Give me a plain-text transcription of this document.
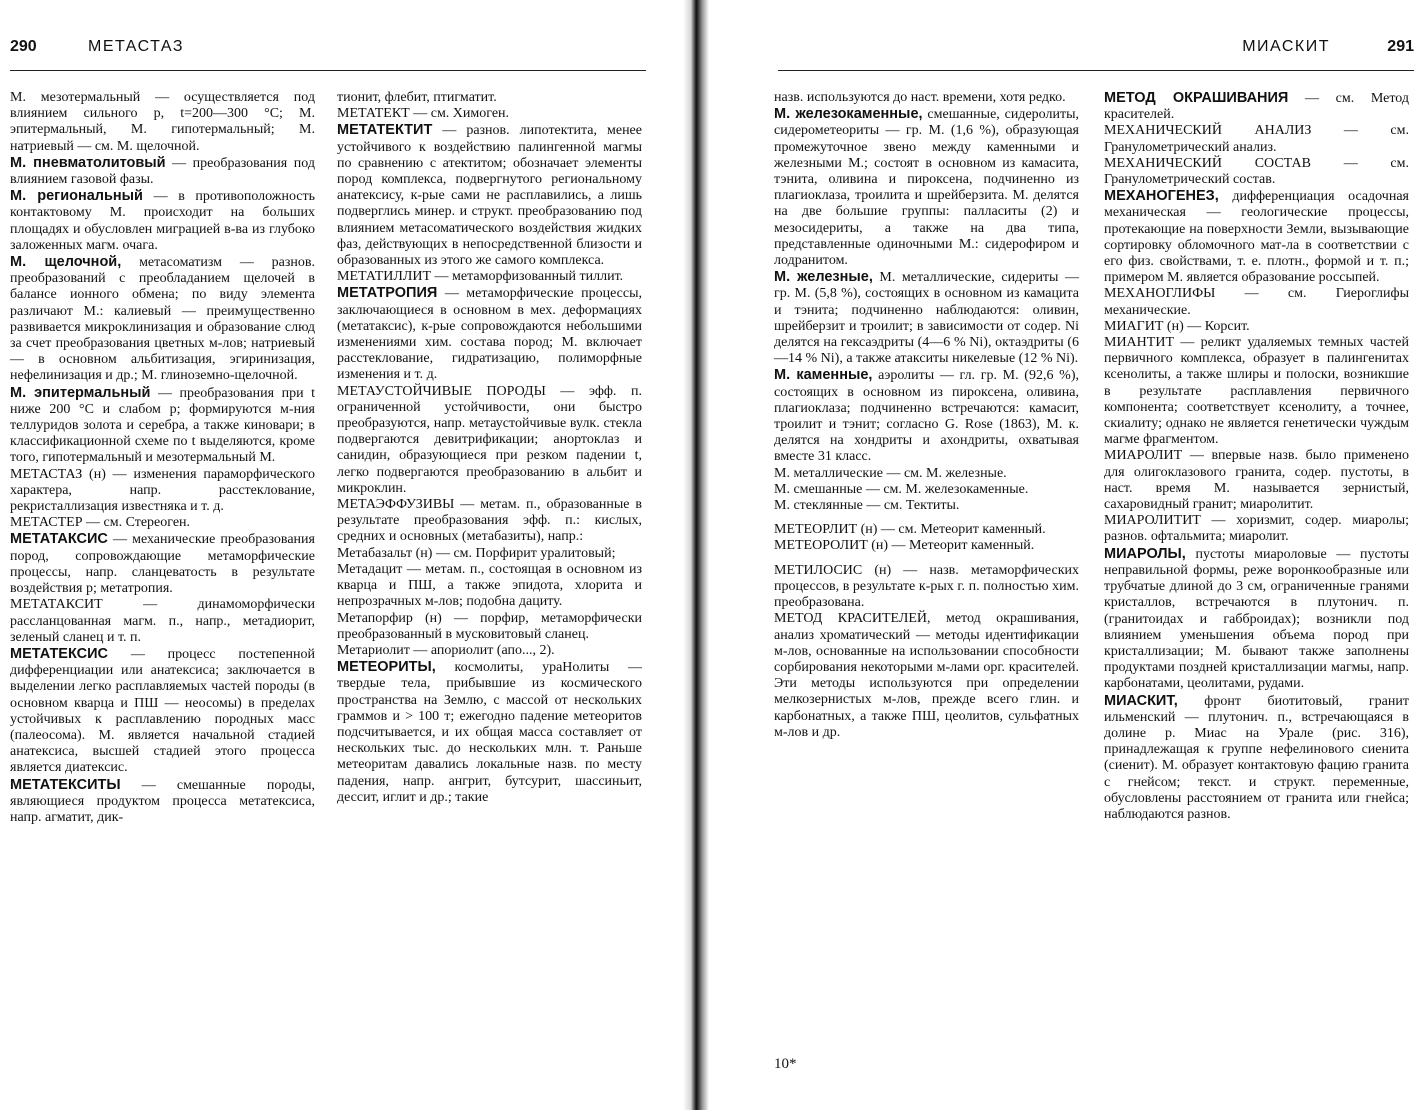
290	МЕТАСТАЗ

М. мезотермальный — осуществляется под влиянием сильного p, t=200—300 °С; М. эпитермальный, М. гипотермальный; М. натриевый — см. М. щелочной.

М. пневматолитовый — преобразования под влиянием газовой фазы.

М. региональный — в противоположность контактовому М. происходит на больших площадях и обусловлен миграцией в-ва из глубоко заложенных магм. очага.

М. щелочной, метасоматизм — разнов. преобразований с преобладанием щелочей в балансе ионного обмена; по виду элемента различают М.: калиевый — преимущественно развивается микроклинизация и образование слюд за счет преобразования цветных м-лов; натриевый — в основном альбитизация, эгиринизация, нефелинизация и др.; М. глиноземно-щелочной.

М. эпитермальный — преобразования при t ниже 200 °С и слабом p; формируются м-ния теллуридов золота и серебра, а также киновари; в классификационной схеме по t выделяются, кроме того, гипотермальный и мезотермальный М.

МЕТАСТАЗ (н) — изменения параморфического характера, напр. расстеклование, рекристаллизация известняка и т. д.

МЕТАСТЕР — см. Стереоген.

МЕТАТАКСИС — механические преобразования пород, сопровождающие метаморфические процессы, напр. сланцеватость в результате воздействия p; метатропия.

МЕТАТАКСИТ — динамоморфически рассланцованная магм. п., напр., метадиорит, зеленый сланец и т. п.

МЕТАТЕКСИС — процесс постепенной дифференциации или анатексиса; заключается в выделении легко расплавляемых частей породы (в основном кварца и ПШ — неосомы) в пределах устойчивых к расплавлению породных масс (палеосома). М. является начальной стадией анатексиса, высшей стадией этого процесса является диатексис.

МЕТАТЕКСИТЫ — смешанные породы, являющиеся продуктом процесса метатексиса, напр. агматит, дик-

тионит, флебит, птигматит.

МЕТАТЕКТ — см. Химоген.

МЕТАТЕКТИТ — разнов. липотектита, менее устойчивого к воздействию палингенной магмы по сравнению с атектитом; обозначает элементы пород комплекса, подвергнутого региональному анатексису, к-рые сами не расплавились, а лишь подверглись минер. и структ. преобразованию под влиянием метасоматического воздействия жидких фаз, действующих в непосредственной близости и образованных из этого же самого комплекса.

МЕТАТИЛЛИТ — метаморфизованный тиллит.

МЕТАТРОПИЯ — метаморфические процессы, заключающиеся в основном в мех. деформациях (метатаксис), к-рые сопровождаются небольшими изменениями хим. состава пород; М. включает расстеклование, гидратизацию, полиморфные изменения и т. д.

МЕТАУСТОЙЧИВЫЕ ПОРОДЫ — эфф. п. ограниченной устойчивости, они быстро преобразуются, напр. метаустойчивые вулк. стекла подвергаются девитрификации; анортоклаз и санидин, образующиеся при резком падении t, легко подвергаются преобразованию в альбит и микроклин.

МЕТАЭФФУЗИВЫ — метам. п., образованные в результате преобразования эфф. п.: кислых, средних и основных (метабазиты), напр.:

Метабазальт (н) — см. Порфирит уралитовый;

Метадацит — метам. п., состоящая в основном из кварца и ПШ, а также эпидота, хлорита и непрозрачных м-лов; подобна дациту.

Метапорфир (н) — порфир, метаморфически преобразованный в мусковитовый сланец.

Метариолит — апориолит (апо..., 2).

МЕТЕОРИТЫ, космолиты, ураНолиты — твердые тела, прибывшие из космического пространства на Землю, с массой от нескольких граммов и > 100 т; ежегодно падение метеоритов подсчитывается, и их общая масса составляет от нескольких тыс. до нескольких млн. т. Раньше метеоритам давались локальные назв. по месту падения, напр. ангрит, бутсурит, шассиньит, дессит, иглит и др.; такие

МИАСКИТ	291

назв. используются до наст. времени, хотя редко.

М. железокаменные, смешанные, сидеролиты, сидерометеориты — гр. М. (1,6 %), образующая промежуточное звено между каменными и железными М.; состоят в основном из камасита, тэнита, оливина и пироксена, подчиненно из плагиоклаза, троилита и шрейберзита. М. делятся на две большие группы: палласиты (2) и мезосидериты, а также на два типа, представленные одиночными М.: сидерофиром и лодранитом.

М. железные, М. металлические, сидериты — гр. М. (5,8 %), состоящих в основном из камацита и тэнита; подчиненно наблюдаются: оливин, шрейберзит и троилит; в зависимости от содер. Ni делятся на гексаэдриты (4—6 % Ni), октаэдриты (6—14 % Ni), а также атакситы никелевые (12 % Ni).

М. каменные, аэролиты — гл. гр. М. (92,6 %), состоящих в основном из пироксена, оливина, плагиоклаза; подчиненно встречаются: камасит, троилит и тэнит; согласно G. Rose (1863), М. к. делятся на хондриты и ахондриты, охватывая вместе 31 класс.

М. металлические — см. М. железные.

М. смешанные — см. М. железокаменные.

М. стеклянные — см. Тектиты.

МЕТЕОРЛИТ (н) — см. Метеорит каменный.

МЕТЕОРОЛИТ (н) — Метеорит каменный.

МЕТИЛОСИС (н) — назв. метаморфических процессов, в результате к-рых г. п. полностью хим. преобразована.

МЕТОД КРАСИТЕЛЕЙ, метод окрашивания, анализ хроматический — методы идентификации м-лов, основанные на использовании способности сорбирования некоторыми м-лами орг. красителей. Эти методы используются при определении мелкозернистых м-лов, прежде всего глин. и карбонатных, а также ПШ, цеолитов, сульфатных м-лов и др.

МЕТОД ОКРАШИВАНИЯ — см. Метод красителей.

МЕХАНИЧЕСКИЙ АНАЛИЗ — см. Гранулометрический анализ.

МЕХАНИЧЕСКИЙ СОСТАВ — см. Гранулометрический состав.

МЕХАНОГЕНЕЗ, дифференциация осадочная механическая — геологические процессы, протекающие на поверхности Земли, вызывающие сортировку обломочного мат-ла в соответствии с его физ. свойствами, т. е. плотн., формой и т. п.; примером М. является образование россыпей.

МЕХАНОГЛИФЫ — см. Гиероглифы механические.

МИАГИТ (н) — Корсит.

МИАНТИТ — реликт удаляемых темных частей первичного комплекса, образует в палингенитах ксенолиты, а также шлиры и полоски, возникшие в результате расплавления первичного компонента; соответствует ксенолиту, а точнее, скиалиту; однако не является генетически чуждым магме фрагментом.

МИАРОЛИТ — впервые назв. было применено для олигоклазового гранита, содер. пустоты, в наст. время М. называется зернистый, сахаровидный гранит; миаролитит.

МИАРОЛИТИТ — хоризмит, содер. миаролы; разнов. офтальмита; миаролит.

МИАРОЛЫ, пустоты миароловые — пустоты неправильной формы, реже воронкообразные или трубчатые длиной до 3 см, ограниченные гранями кристаллов, встречаются в плутонич. п. (гранитоидах и габброидах); возникли под влиянием уменьшения объема пород при кристаллизации; М. бывают также заполнены продуктами поздней кристаллизации магмы, напр. карбонатами, цеолитами, рудами.

МИАСКИТ, фронт биотитовый, гранит ильменский — плутонич. п., встречающаяся в долине р. Миас на Урале (рис. 316), принадлежащая к группе нефелинового сиенита (сиенит). М. образует контактовую фацию гранита с гнейсом; текст. и структ. переменные, обусловлены расстоянием от гранита или гнейса; наблюдаются разнов.

10*
